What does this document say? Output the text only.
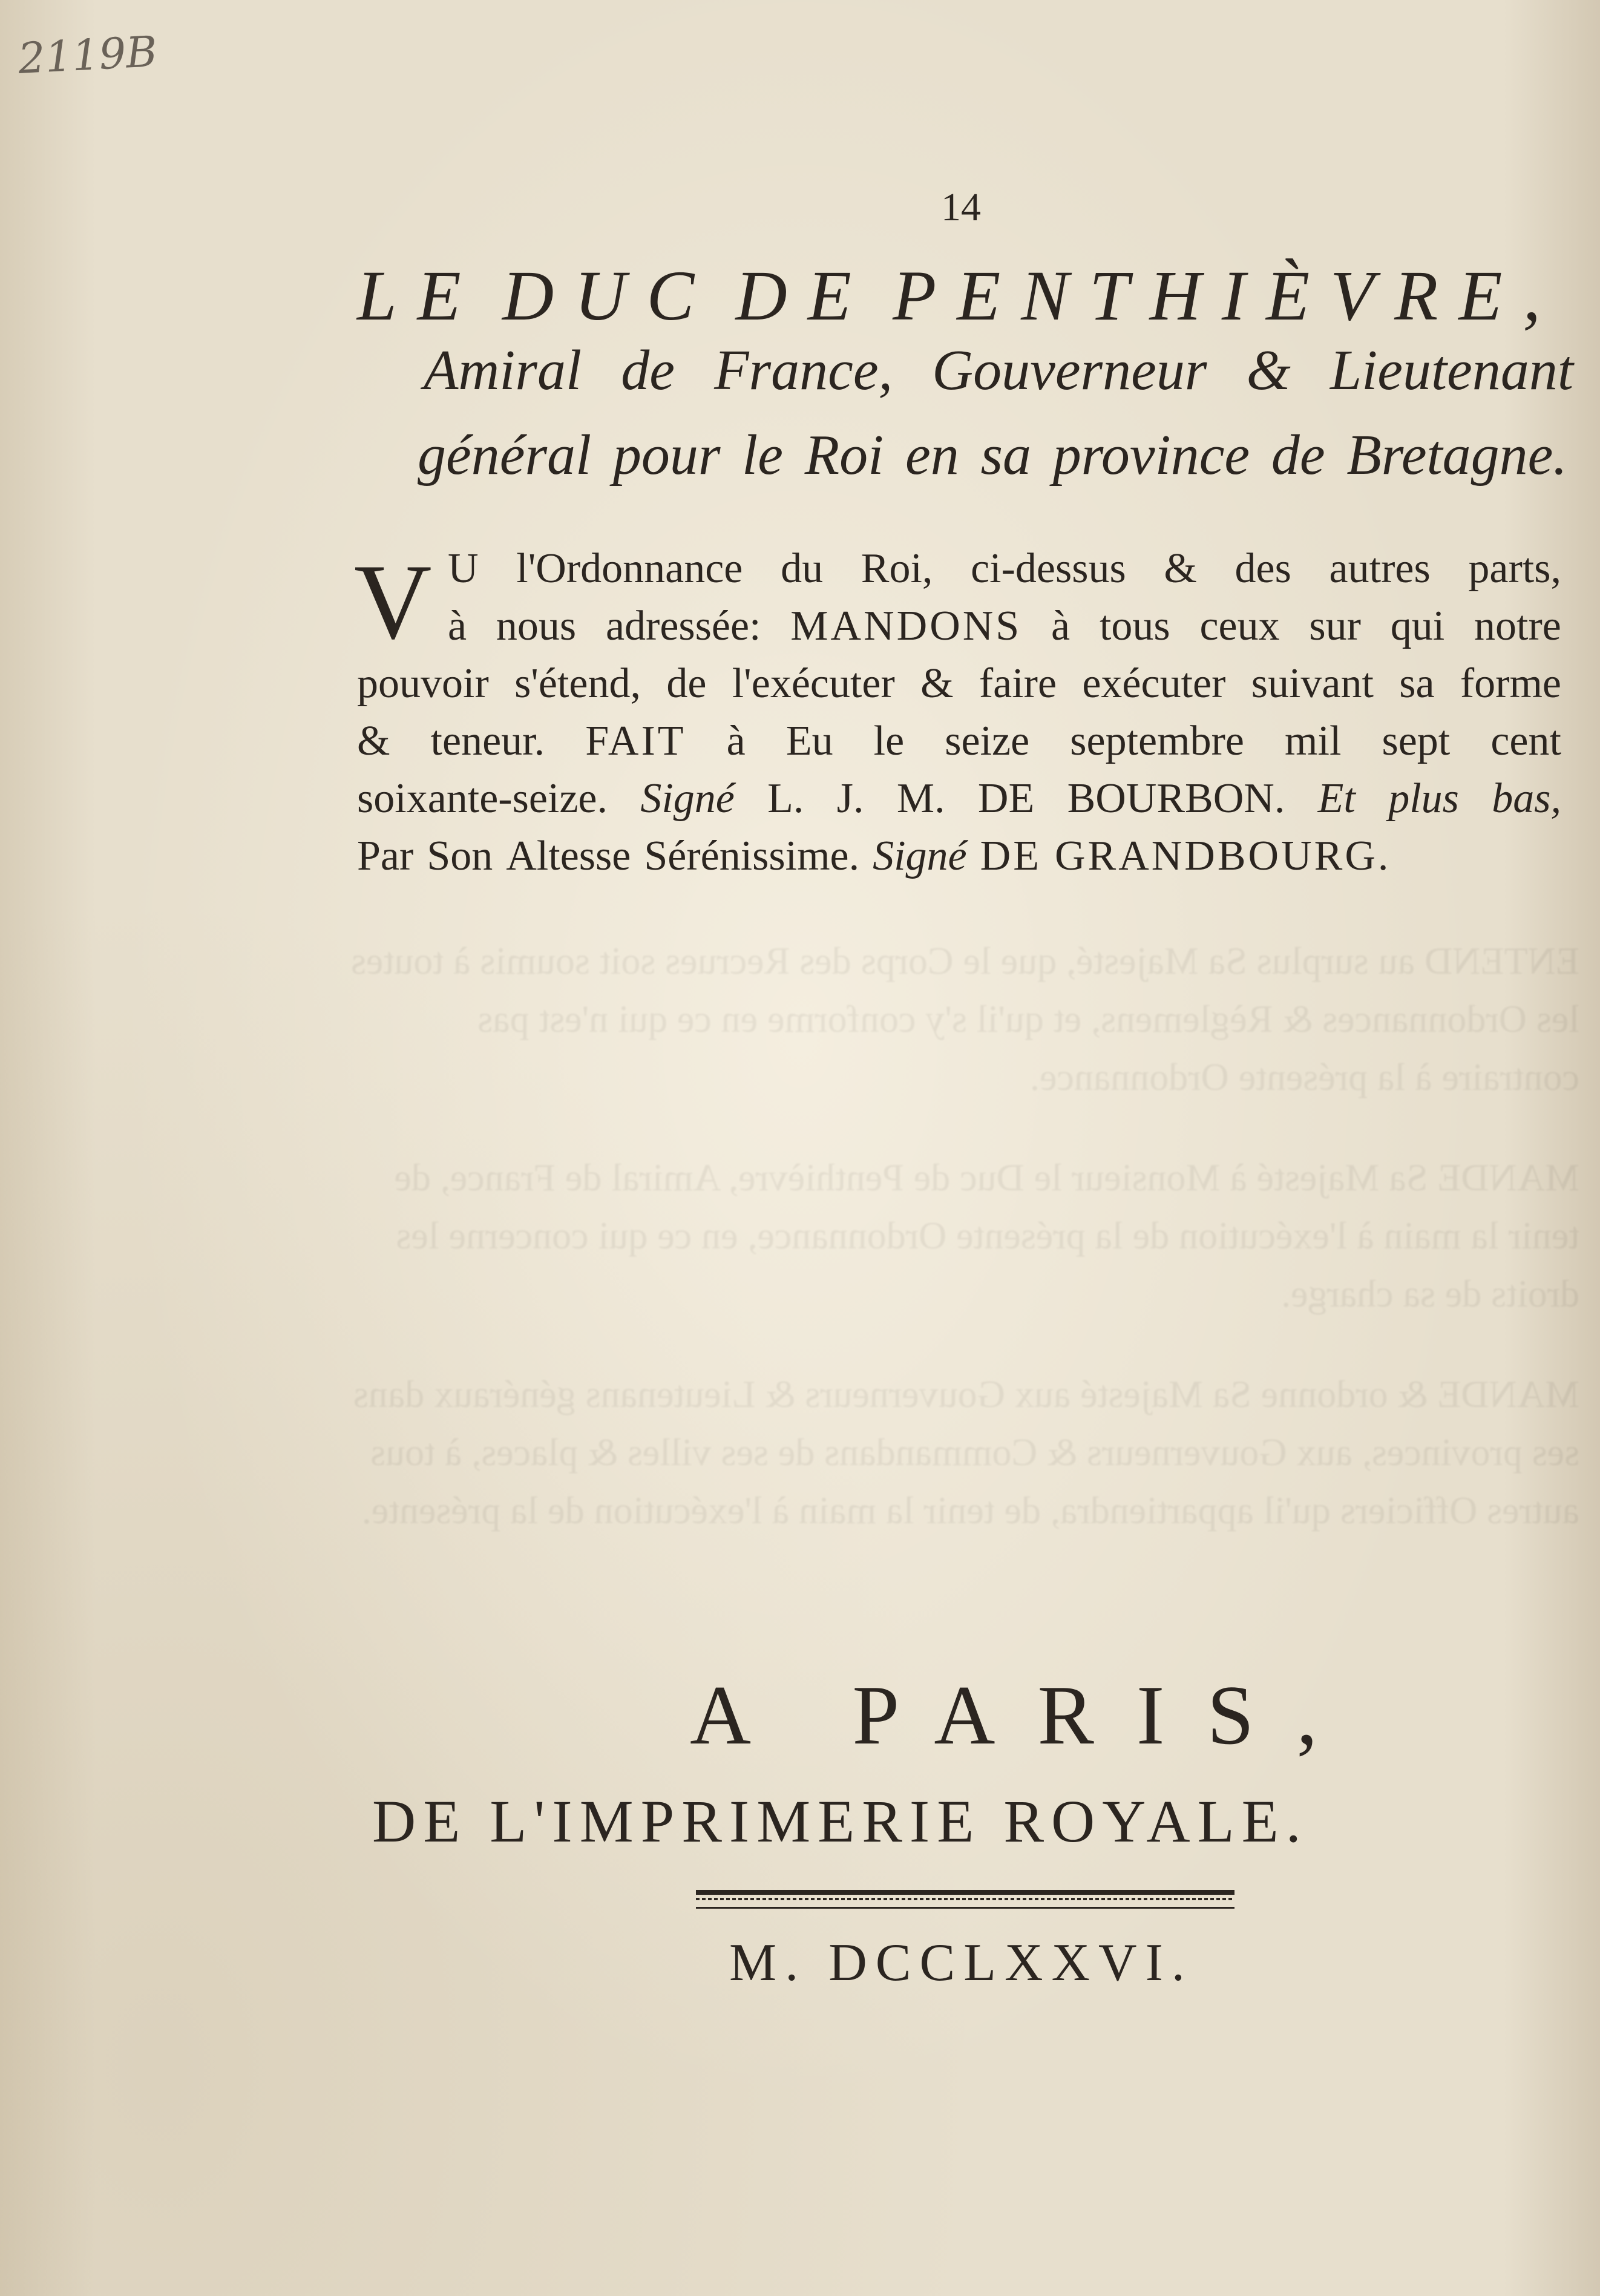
ENTEND au surplus Sa Majesté, que le Corps des Recrues soit soumis à toutes les Ordonnances & Règlemens, et qu'il s'y conforme en ce qui n'est pas contraire à la présente Ordonnance.

MANDE Sa Majesté à Monsieur le Duc de Penthièvre, Amiral de France, de tenir la main à l'exécution de la présente Ordonnance, en ce qui concerne les droits de sa charge.

MANDE & ordonne Sa Majesté aux Gouverneurs & Lieutenans généraux dans ses provinces, aux Gouverneurs & Commandans de ses villes & places, à tous autres Officiers qu'il appartiendra, de tenir la main à l'exécution de la présente.

2119B
14
LE DUC DE PENTHIÈVRE,
Amiral de France, Gouverneur & Lieutenant
général pour le Roi en sa province de Bretagne.
V U l'Ordonnance du Roi, ci-dessus & des autres parts,
à nous adressée: MANDONS à tous ceux sur qui notre
pouvoir s'étend, de l'exécuter & faire exécuter suivant sa forme
& teneur. FAIT à Eu le seize septembre mil sept cent
soixante-seize. Signé L. J. M. DE BOURBON. Et plus bas,
Par Son Altesse Sérénissime. Signé DE GRANDBOURG.
A PARIS,
DE L'IMPRIMERIE ROYALE.
M. DCCLXXVI.
